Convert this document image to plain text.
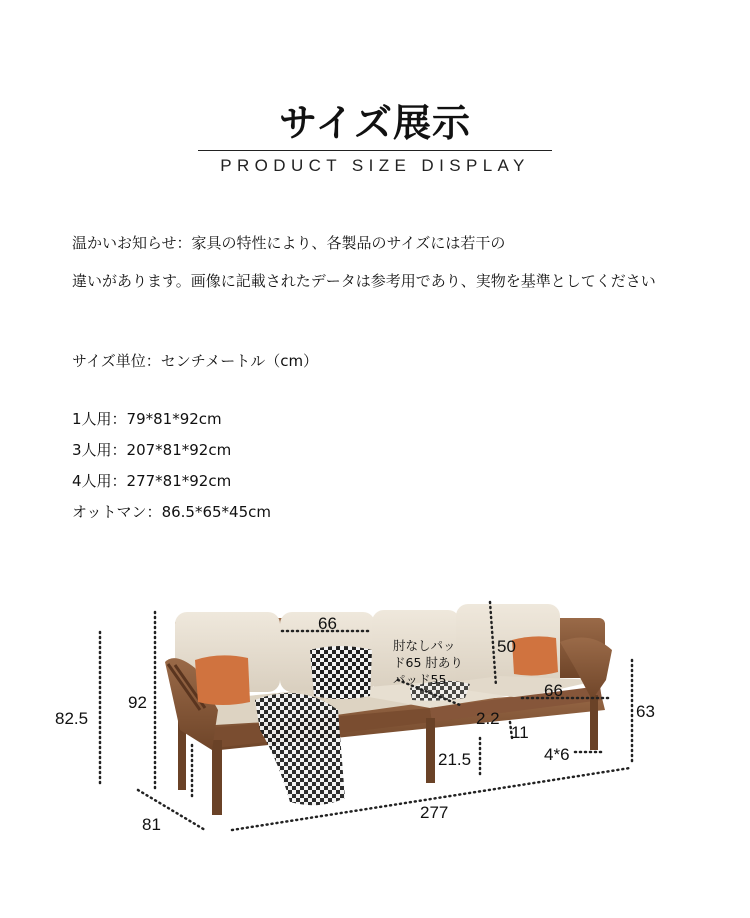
サイズ展示
PRODUCT SIZE DISPLAY
温かいお知らせ：家具の特性により、各製品のサイズには若干の
違いがあります。画像に記載されたデータは参考用であり、実物を基準としてください
サイズ単位：センチメートル（cm）
1人用：79*81*92cm
3人用：207*81*92cm
4人用：277*81*92cm
オットマン：86.5*65*45cm
82.5
92
81
277
66
50
66
63
2.2
11
21.5	4*6
肘なしパッ
ド65 肘あり
パッド55
